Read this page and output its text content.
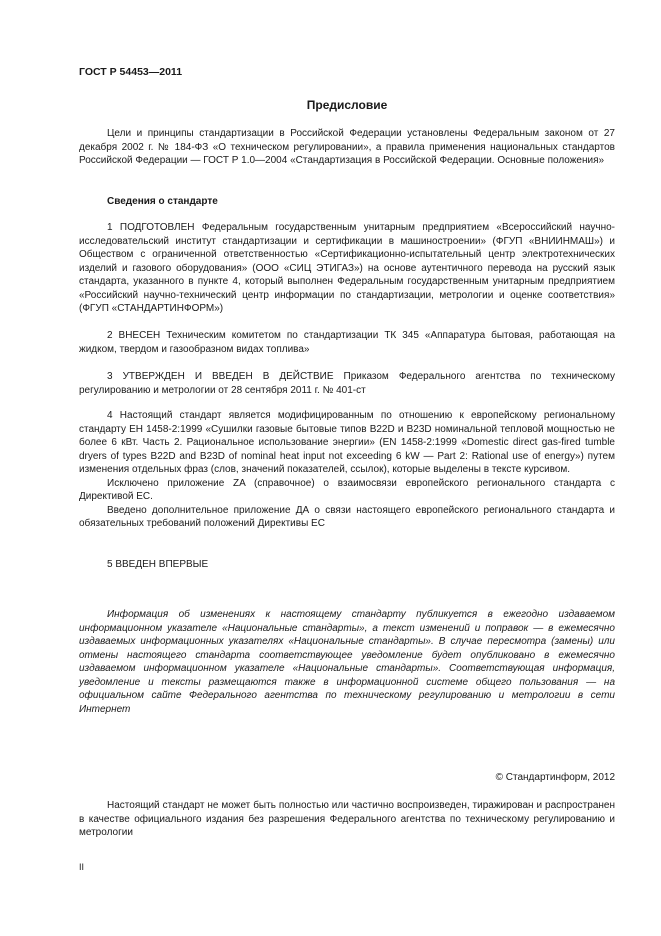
ГОСТ Р 54453—2011
Предисловие

Цели и принципы стандартизации в Российской Федерации установлены Федеральным законом от 27 декабря 2002 г. № 184-ФЗ «О техническом регулировании», а правила применения национальных стандартов Российской Федерации — ГОСТ Р 1.0—2004 «Стандартизация в Российской Федерации. Основные положения»

Сведения о стандарте

1 ПОДГОТОВЛЕН Федеральным государственным унитарным предприятием «Всероссийский научно-исследовательский институт стандартизации и сертификации в машиностроении» (ФГУП «ВНИИНМАШ») и Обществом с ограниченной ответственностью «Сертификационно-испытательный центр электротехнических изделий и газового оборудования» (ООО «СИЦ ЭТИГАЗ») на основе аутентичного перевода на русский язык стандарта, указанного в пункте 4, который выполнен Федеральным государственным унитарным предприятием «Российский научно-технический центр информации по стандартизации, метрологии и оценке соответствия» (ФГУП «СТАНДАРТИНФОРМ»)

2 ВНЕСЕН Техническим комитетом по стандартизации ТК 345 «Аппаратура бытовая, работающая на жидком, твердом и газообразном видах топлива»

3 УТВЕРЖДЕН И ВВЕДЕН В ДЕЙСТВИЕ Приказом Федерального агентства по техническому регулированию и метрологии от 28 сентября 2011 г. № 401-ст

4 Настоящий стандарт является модифицированным по отношению к европейскому региональному стандарту ЕН 1458-2:1999 «Сушилки газовые бытовые типов B22D и B23D номинальной тепловой мощностью не более 6 кВт. Часть 2. Рациональное использование энергии» (EN 1458-2:1999 «Domestic direct gas-fired tumble dryers of types B22D and B23D of nominal heat input not exceeding 6 kW — Part 2: Rational use of energy») путем изменения отдельных фраз (слов, значений показателей, ссылок), которые выделены в тексте курсивом.

Исключено приложение ZA (справочное) о взаимосвязи европейского регионального стандарта с Директивой ЕС.

Введено дополнительное приложение ДА о связи настоящего европейского регионального стандарта и обязательных требований положений Директивы ЕС

5 ВВЕДЕН ВПЕРВЫЕ

Информация об изменениях к настоящему стандарту публикуется в ежегодно издаваемом информационном указателе «Национальные стандарты», а текст изменений и поправок — в ежемесячно издаваемых информационных указателях «Национальные стандарты». В случае пересмотра (замены) или отмены настоящего стандарта соответствующее уведомление будет опубликовано в ежемесячно издаваемом информационном указателе «Национальные стандарты». Соответствующая информация, уведомление и тексты размещаются также в информационной системе общего пользования — на официальном сайте Федерального агентства по техническому регулированию и метрологии в сети Интернет

© Стандартинформ, 2012

Настоящий стандарт не может быть полностью или частично воспроизведен, тиражирован и распространен в качестве официального издания без разрешения Федерального агентства по техническому регулированию и метрологии

II
